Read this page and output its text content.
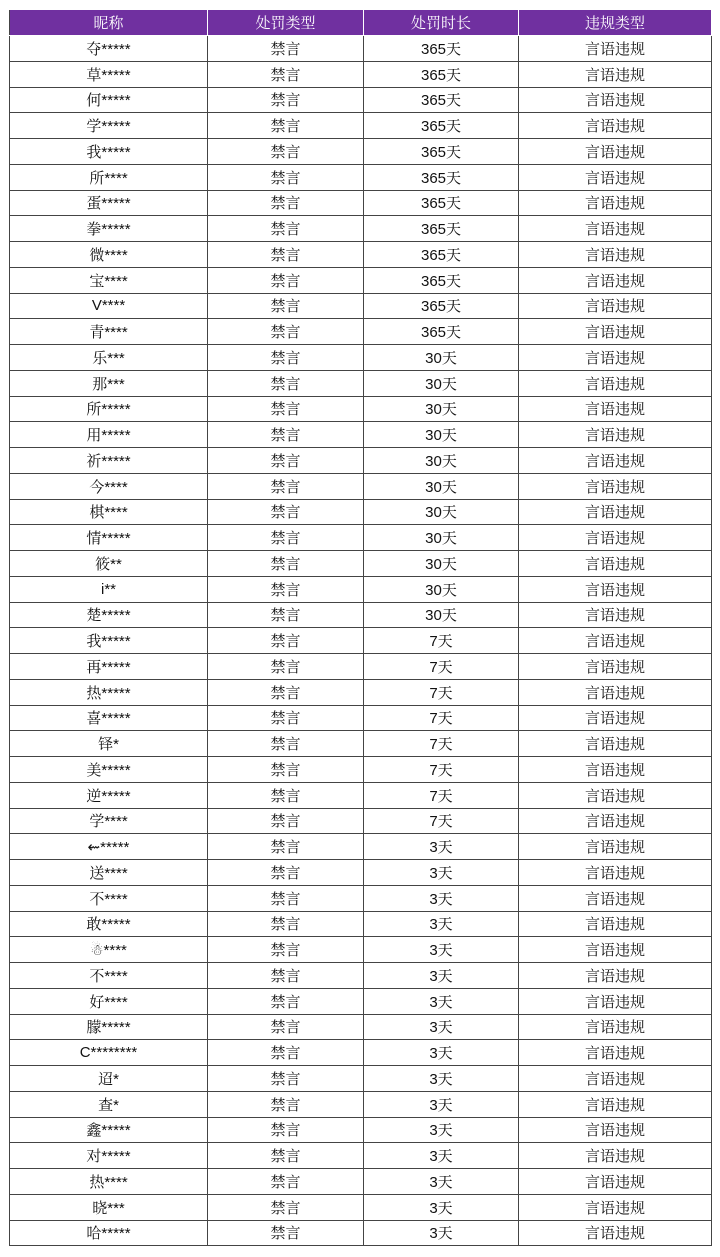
昵称	处罚类型	处罚时长	违规类型
夺*****	禁言	365天	言语违规
草*****	禁言	365天	言语违规
何*****	禁言	365天	言语违规
学*****	禁言	365天	言语违规
我*****	禁言	365天	言语违规
所****	禁言	365天	言语违规
蛋*****	禁言	365天	言语违规
拳*****	禁言	365天	言语违规
微****	禁言	365天	言语违规
宝****	禁言	365天	言语违规
V****	禁言	365天	言语违规
青****	禁言	365天	言语违规
乐***	禁言	30天	言语违规
那***	禁言	30天	言语违规
所*****	禁言	30天	言语违规
用*****	禁言	30天	言语违规
祈*****	禁言	30天	言语违规
今****	禁言	30天	言语违规
棋****	禁言	30天	言语违规
情*****	禁言	30天	言语违规
筱**	禁言	30天	言语违规
i**	禁言	30天	言语违规
楚*****	禁言	30天	言语违规
我*****	禁言	7天	言语违规
再*****	禁言	7天	言语违规
热*****	禁言	7天	言语违规
喜*****	禁言	7天	言语违规
铎*	禁言	7天	言语违规
美*****	禁言	7天	言语违规
逆*****	禁言	7天	言语违规
学****	禁言	7天	言语违规
⇜*****	禁言	3天	言语违规
送****	禁言	3天	言语违规
不****	禁言	3天	言语违规
敢*****	禁言	3天	言语违规
☃****	禁言	3天	言语违规
不****	禁言	3天	言语违规
好****	禁言	3天	言语违规
朦*****	禁言	3天	言语违规
C********	禁言	3天	言语违规
迢*	禁言	3天	言语违规
查*	禁言	3天	言语违规
鑫*****	禁言	3天	言语违规
对*****	禁言	3天	言语违规
热****	禁言	3天	言语违规
晓***	禁言	3天	言语违规
哈*****	禁言	3天	言语违规
